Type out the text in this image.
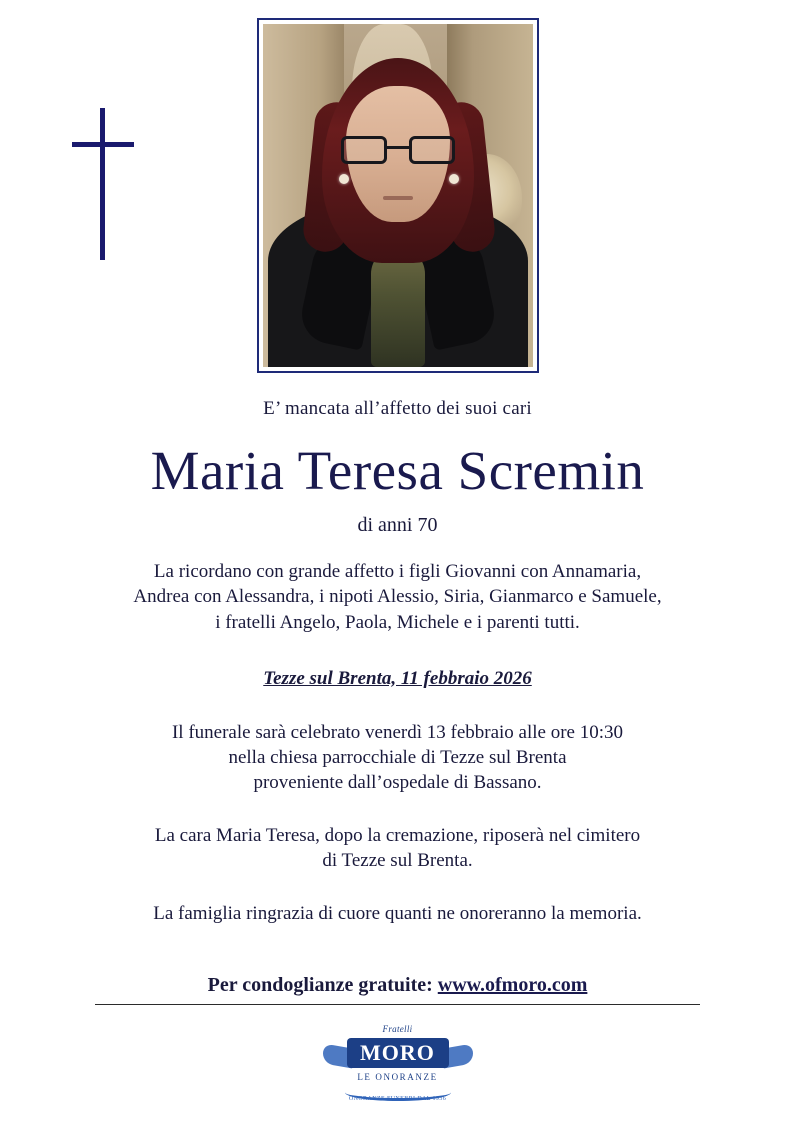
E’ mancata all’affetto dei suoi cari

Maria Teresa Scremin

di anni 70

La ricordano con grande affetto i figli Giovanni con Annamaria,
Andrea con Alessandra, i nipoti Alessio, Siria, Gianmarco e Samuele,
i fratelli Angelo, Paola, Michele e i parenti tutti.

Tezze sul Brenta, 11 febbraio 2026

Il funerale sarà celebrato venerdì 13 febbraio alle ore 10:30
nella chiesa parrocchiale di Tezze sul Brenta
proveniente dall’ospedale di Bassano.

La cara Maria Teresa, dopo la cremazione, riposerà nel cimitero
di Tezze sul Brenta.

La famiglia ringrazia di cuore quanti ne onoreranno la memoria.

Per condoglianze gratuite: www.ofmoro.com

Fratelli
MORO
LE ONORANZE
ONORANZE FUNEBRI DAL 1936
